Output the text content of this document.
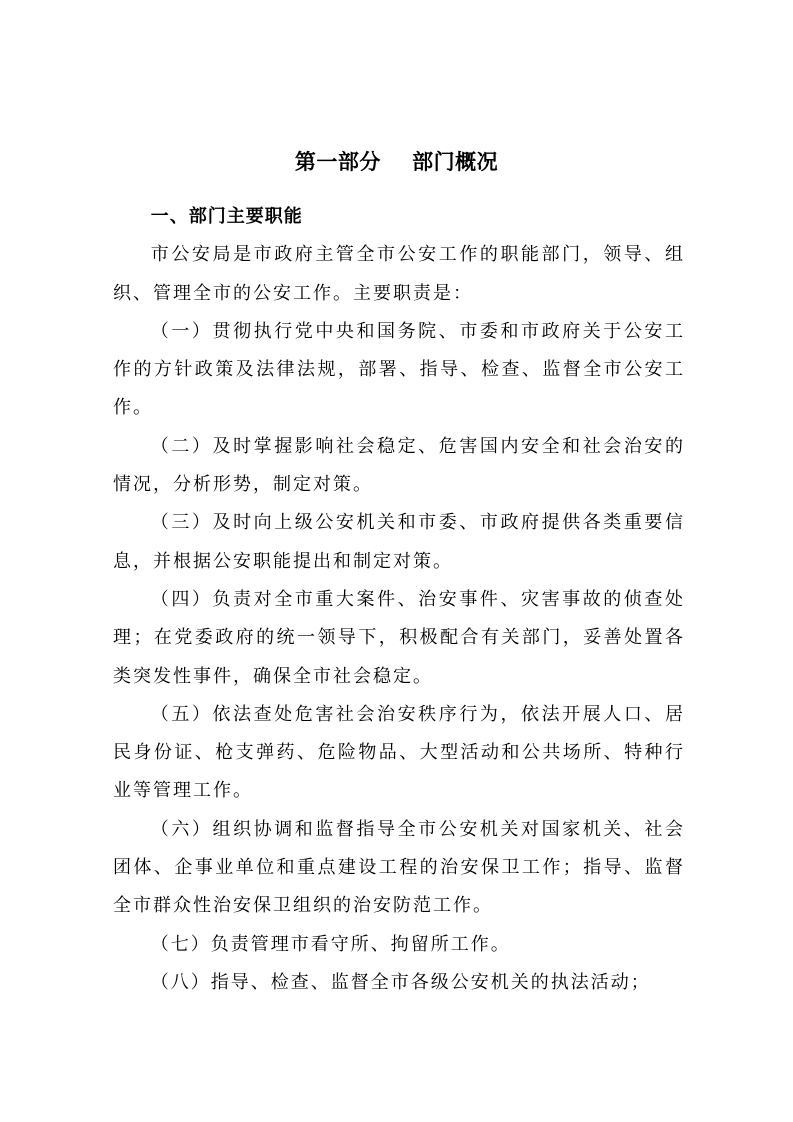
第一部分    部门概况
一、部门主要职能

市公安局是市政府主管全市公安工作的职能部门，领导、组织、管理全市的公安工作。主要职责是：

（一）贯彻执行党中央和国务院、市委和市政府关于公安工作的方针政策及法律法规，部署、指导、检查、监督全市公安工作。

（二）及时掌握影响社会稳定、危害国内安全和社会治安的情况，分析形势，制定对策。

（三）及时向上级公安机关和市委、市政府提供各类重要信息，并根据公安职能提出和制定对策。

（四）负责对全市重大案件、治安事件、灾害事故的侦查处理；在党委政府的统一领导下，积极配合有关部门，妥善处置各类突发性事件，确保全市社会稳定。

（五）依法查处危害社会治安秩序行为，依法开展人口、居民身份证、枪支弹药、危险物品、大型活动和公共场所、特种行业等管理工作。

（六）组织协调和监督指导全市公安机关对国家机关、社会团体、企事业单位和重点建设工程的治安保卫工作；指导、监督全市群众性治安保卫组织的治安防范工作。

（七）负责管理市看守所、拘留所工作。

（八）指导、检查、监督全市各级公安机关的执法活动；
